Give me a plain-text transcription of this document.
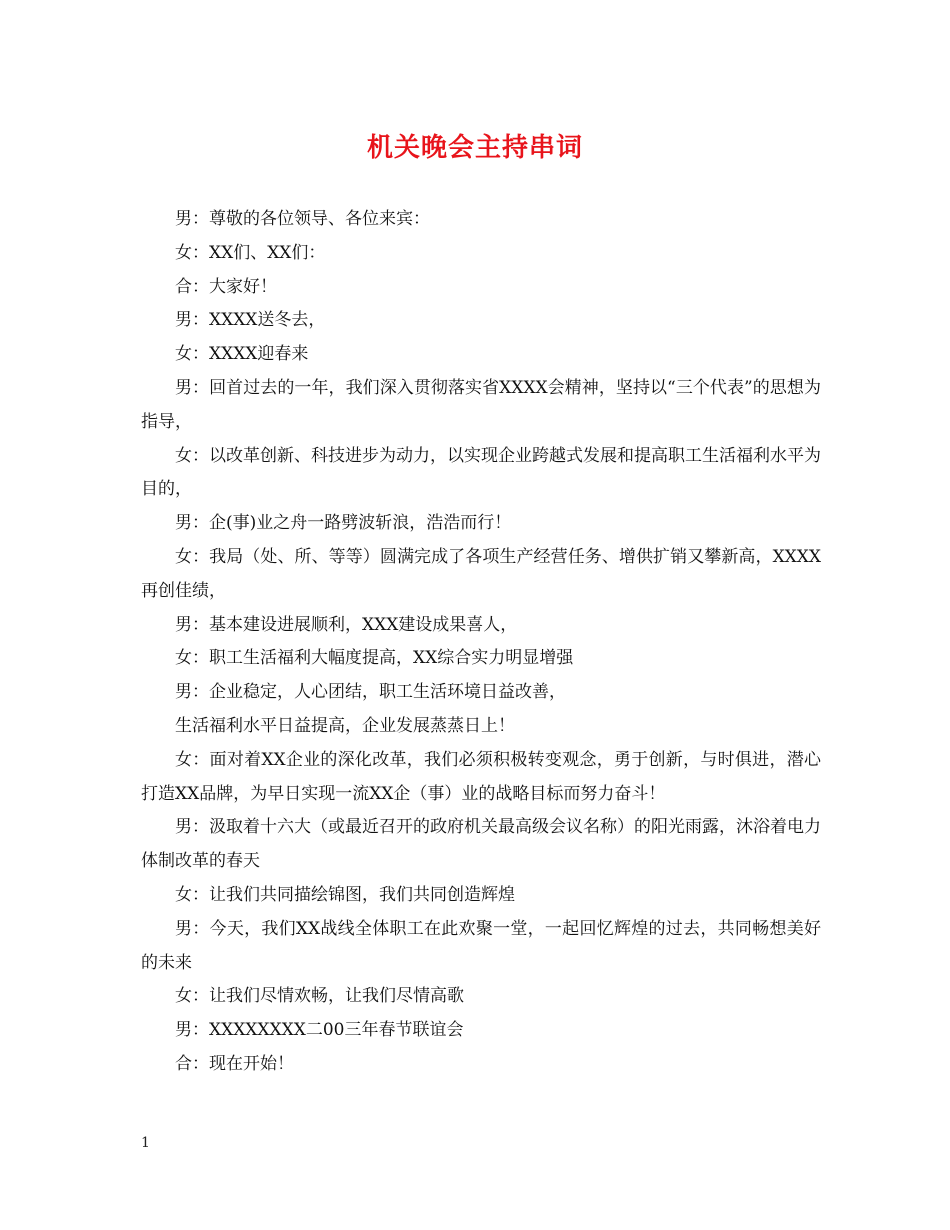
机关晚会主持串词

男：尊敬的各位领导、各位来宾：

女：XX们、XX们：

合：大家好！

男：XXXX送冬去，

女：XXXX迎春来

男：回首过去的一年，我们深入贯彻落实省XXXX会精神，坚持以“三个代表”的思想为指导，

女：以改革创新、科技进步为动力，以实现企业跨越式发展和提高职工生活福利水平为目的，

男：企(事)业之舟一路劈波斩浪，浩浩而行！

女：我局（处、所、等等）圆满完成了各项生产经营任务、增供扩销又攀新高，XXXX再创佳绩，

男：基本建设进展顺利，XXX建设成果喜人，

女：职工生活福利大幅度提高，XX综合实力明显增强

男：企业稳定，人心团结，职工生活环境日益改善，

生活福利水平日益提高，企业发展蒸蒸日上！

女：面对着XX企业的深化改革，我们必须积极转变观念，勇于创新，与时俱进，潜心打造XX品牌，为早日实现一流XX企（事）业的战略目标而努力奋斗！

男：汲取着十六大（或最近召开的政府机关最高级会议名称）的阳光雨露，沐浴着电力体制改革的春天

女：让我们共同描绘锦图，我们共同创造辉煌

男：今天，我们XX战线全体职工在此欢聚一堂，一起回忆辉煌的过去，共同畅想美好的未来

女：让我们尽情欢畅，让我们尽情高歌

男：XXXXXXXX二00三年春节联谊会

合：现在开始！

1
